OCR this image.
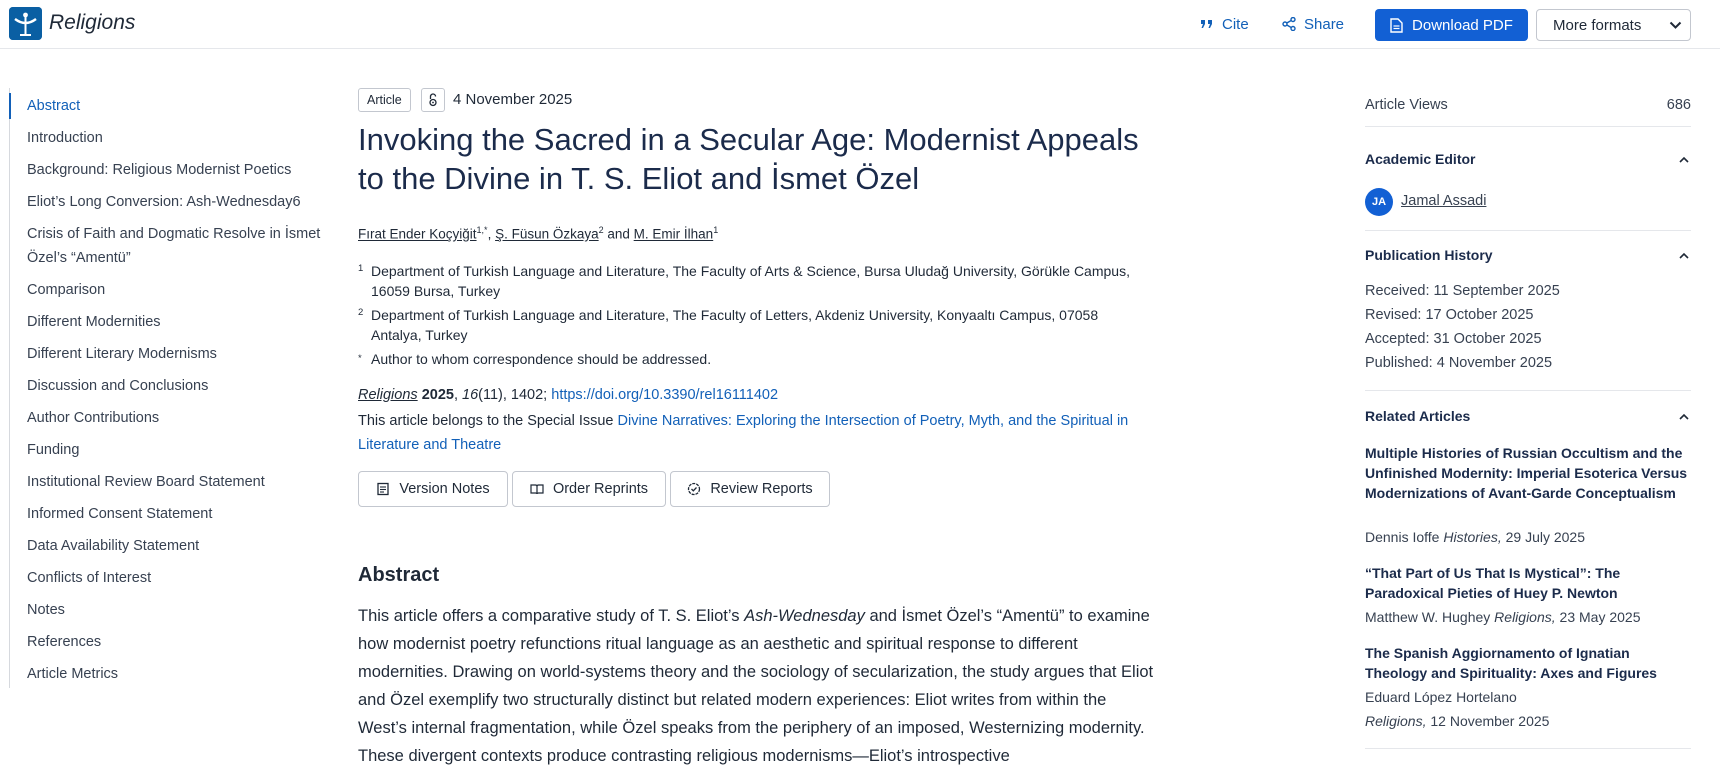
Religions	Cite	Share	Download PDF	More formats
Abstract
Introduction
Background: Religious Modernist Poetics
Eliot’s Long Conversion: Ash-Wednesday6
Crisis of Faith and Dogmatic Resolve in İsmet Özel’s “Amentü”
Comparison
Different Modernities
Different Literary Modernisms
Discussion and Conclusions
Author Contributions
Funding
Institutional Review Board Statement
Informed Consent Statement
Data Availability Statement
Conflicts of Interest
Notes
References
Article Metrics
Article	4 November 2025
Invoking the Sacred in a Secular Age: Modernist Appeals to the Divine in T. S. Eliot and İsmet Özel
Fırat Ender Koçyiğit$^{1,*}$, Ş. Füsun Özkaya$^2$ and M. Emir İlhan$^1$
1 Department of Turkish Language and Literature, The Faculty of Arts & Science, Bursa Uludağ University, Görükle Campus, 16059 Bursa, Turkey
2 Department of Turkish Language and Literature, The Faculty of Letters, Akdeniz University, Konyaaltı Campus, 07058 Antalya, Turkey
* Author to whom correspondence should be addressed.
Religions 2025, 16(11), 1402; https://doi.org/10.3390/rel16111402
This article belongs to the Special Issue Divine Narratives: Exploring the Intersection of Poetry, Myth, and the Spiritual in Literature and Theatre
Version Notes	Order Reprints	Review Reports
Abstract

This article offers a comparative study of T. S. Eliot’s Ash-Wednesday and İsmet Özel’s “Amentü” to examine how modernist poetry refunctions ritual language as an aesthetic and spiritual response to different modernities. Drawing on world-systems theory and the sociology of secularization, the study argues that Eliot and Özel exemplify two structurally distinct but related modern experiences: Eliot writes from within the West’s internal fragmentation, while Özel speaks from the periphery of an imposed, Westernizing modernity. These divergent contexts produce contrasting religious modernisms—Eliot’s introspective

Article Views	686
Academic Editor
JA	Jamal Assadi
Publication History
Received: 11 September 2025
Revised: 17 October 2025
Accepted: 31 October 2025
Published: 4 November 2025
Related Articles
Multiple Histories of Russian Occultism and the Unfinished Modernity: Imperial Esoterica Versus Modernizations of Avant-Garde Conceptualism
Dennis Ioffe Histories, 29 July 2025
“That Part of Us That Is Mystical”: The Paradoxical Pieties of Huey P. Newton
Matthew W. Hughey Religions, 23 May 2025
The Spanish Aggiornamento of Ignatian Theology and Spirituality: Axes and Figures
Eduard López Hortelano
Religions, 12 November 2025
